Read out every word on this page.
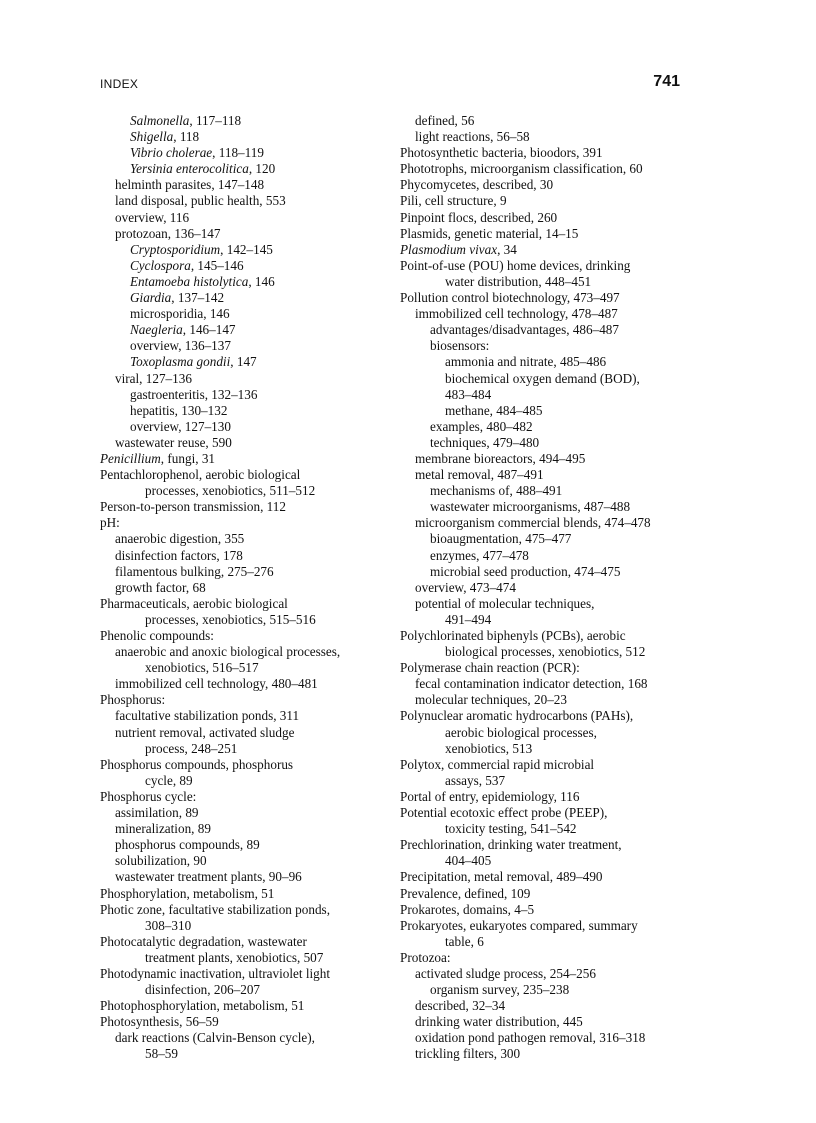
INDEX	741
Salmonella, 117–118
Shigella, 118
Vibrio cholerae, 118–119
Yersinia enterocolitica, 120
helminth parasites, 147–148
land disposal, public health, 553
overview, 116
protozoan, 136–147
Cryptosporidium, 142–145
Cyclospora, 145–146
Entamoeba histolytica, 146
Giardia, 137–142
microsporidia, 146
Naegleria, 146–147
overview, 136–137
Toxoplasma gondii, 147
viral, 127–136
gastroenteritis, 132–136
hepatitis, 130–132
overview, 127–130
wastewater reuse, 590
Penicillium, fungi, 31
Pentachlorophenol, aerobic biological
processes, xenobiotics, 511–512
Person-to-person transmission, 112
pH:
anaerobic digestion, 355
disinfection factors, 178
filamentous bulking, 275–276
growth factor, 68
Pharmaceuticals, aerobic biological
processes, xenobiotics, 515–516
Phenolic compounds:
anaerobic and anoxic biological processes,
xenobiotics, 516–517
immobilized cell technology, 480–481
Phosphorus:
facultative stabilization ponds, 311
nutrient removal, activated sludge
process, 248–251
Phosphorus compounds, phosphorus
cycle, 89
Phosphorus cycle:
assimilation, 89
mineralization, 89
phosphorus compounds, 89
solubilization, 90
wastewater treatment plants, 90–96
Phosphorylation, metabolism, 51
Photic zone, facultative stabilization ponds,
308–310
Photocatalytic degradation, wastewater
treatment plants, xenobiotics, 507
Photodynamic inactivation, ultraviolet light
disinfection, 206–207
Photophosphorylation, metabolism, 51
Photosynthesis, 56–59
dark reactions (Calvin-Benson cycle),
58–59
defined, 56
light reactions, 56–58
Photosynthetic bacteria, bioodors, 391
Phototrophs, microorganism classification, 60
Phycomycetes, described, 30
Pili, cell structure, 9
Pinpoint flocs, described, 260
Plasmids, genetic material, 14–15
Plasmodium vivax, 34
Point-of-use (POU) home devices, drinking
water distribution, 448–451
Pollution control biotechnology, 473–497
immobilized cell technology, 478–487
advantages/disadvantages, 486–487
biosensors:
ammonia and nitrate, 485–486
biochemical oxygen demand (BOD),
483–484
methane, 484–485
examples, 480–482
techniques, 479–480
membrane bioreactors, 494–495
metal removal, 487–491
mechanisms of, 488–491
wastewater microorganisms, 487–488
microorganism commercial blends, 474–478
bioaugmentation, 475–477
enzymes, 477–478
microbial seed production, 474–475
overview, 473–474
potential of molecular techniques,
491–494
Polychlorinated biphenyls (PCBs), aerobic
biological processes, xenobiotics, 512
Polymerase chain reaction (PCR):
fecal contamination indicator detection, 168
molecular techniques, 20–23
Polynuclear aromatic hydrocarbons (PAHs),
aerobic biological processes,
xenobiotics, 513
Polytox, commercial rapid microbial
assays, 537
Portal of entry, epidemiology, 116
Potential ecotoxic effect probe (PEEP),
toxicity testing, 541–542
Prechlorination, drinking water treatment,
404–405
Precipitation, metal removal, 489–490
Prevalence, defined, 109
Prokarotes, domains, 4–5
Prokaryotes, eukaryotes compared, summary
table, 6
Protozoa:
activated sludge process, 254–256
organism survey, 235–238
described, 32–34
drinking water distribution, 445
oxidation pond pathogen removal, 316–318
trickling filters, 300
